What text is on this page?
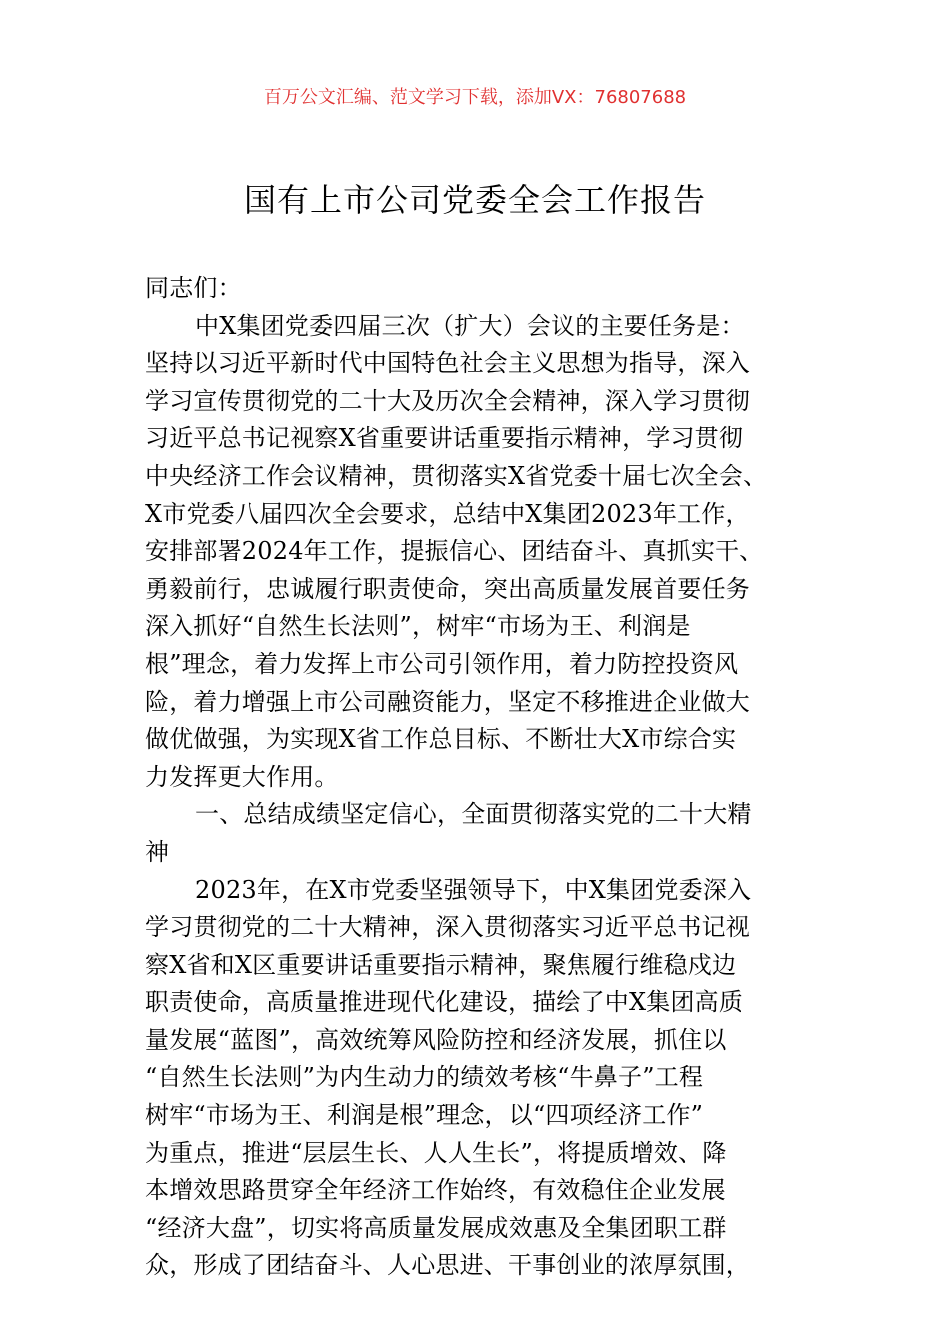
百万公文汇编、范文学习下载，添加VX：76807688
国有上市公司党委全会工作报告
同志们：
中X集团党委四届三次（扩大）会议的主要任务是：
坚持以习近平新时代中国特色社会主义思想为指导，深入
学习宣传贯彻党的二十大及历次全会精神，深入学习贯彻
习近平总书记视察X省重要讲话重要指示精神，学习贯彻
中央经济工作会议精神，贯彻落实X省党委十届七次全会、
X市党委八届四次全会要求，总结中X集团2023年工作，
安排部署2024年工作，提振信心、团结奋斗、真抓实干、
勇毅前行，忠诚履行职责使命，突出高质量发展首要任务
深入抓好“自然生长法则”，树牢“市场为王、利润是
根”理念，着力发挥上市公司引领作用，着力防控投资风
险，着力增强上市公司融资能力，坚定不移推进企业做大
做优做强，为实现X省工作总目标、不断壮大X市综合实
力发挥更大作用。
一、总结成绩坚定信心，全面贯彻落实党的二十大精
神
2023年，在X市党委坚强领导下，中X集团党委深入
学习贯彻党的二十大精神，深入贯彻落实习近平总书记视
察X省和X区重要讲话重要指示精神，聚焦履行维稳戍边
职责使命，高质量推进现代化建设，描绘了中X集团高质
量发展“蓝图”，高效统筹风险防控和经济发展，抓住以
“自然生长法则”为内生动力的绩效考核“牛鼻子”工程
树牢“市场为王、利润是根”理念，以“四项经济工作”
为重点，推进“层层生长、人人生长”，将提质增效、降
本增效思路贯穿全年经济工作始终，有效稳住企业发展
“经济大盘”，切实将高质量发展成效惠及全集团职工群
众，形成了团结奋斗、人心思进、干事创业的浓厚氛围，
